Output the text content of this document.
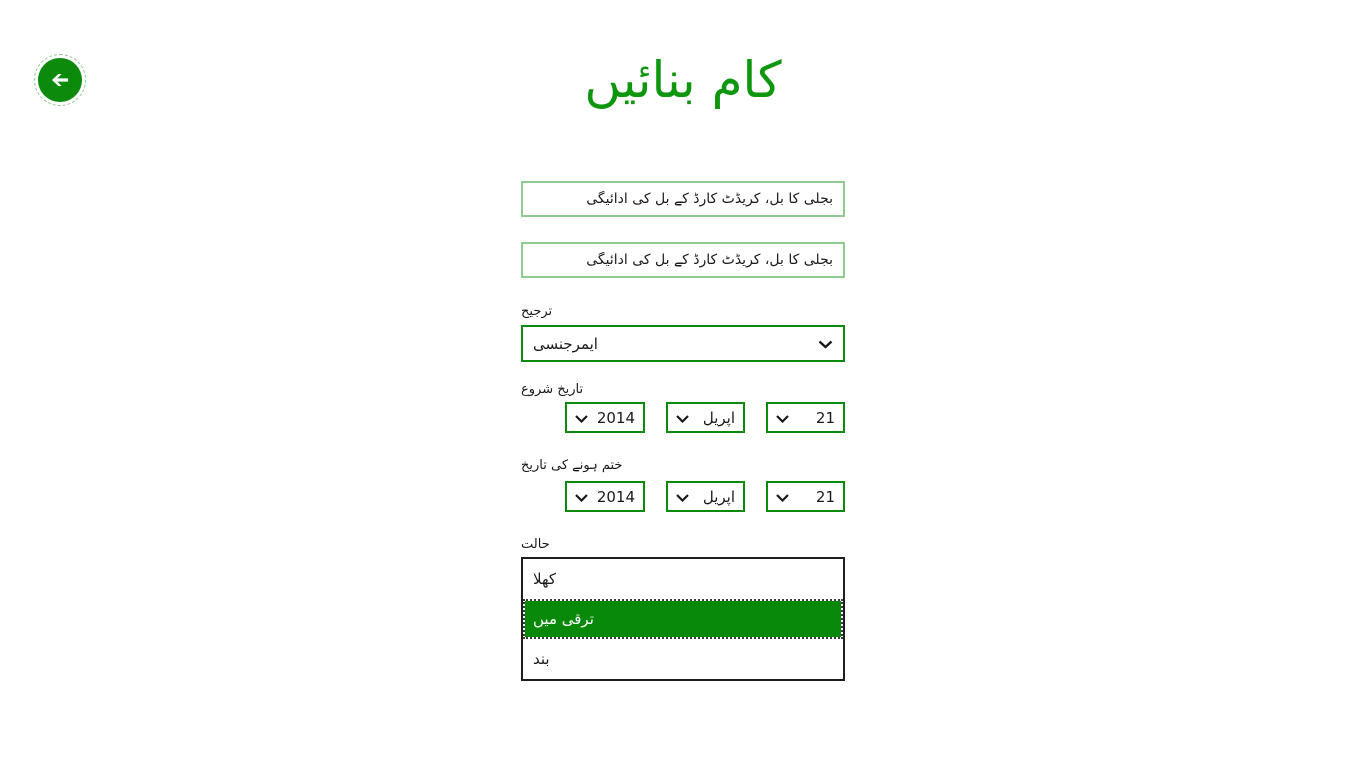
کام بنائیں
بجلی کا بل، کریڈٹ کارڈ کے بل کی ادائیگی
بجلی کا بل، کریڈٹ کارڈ کے بل کی ادائیگی
ترجیح
ایمرجنسی
تاریخ شروع
2014	اپریل	21
ختم ہونے کی تاریخ
2014	اپریل	21
حالت
کھلا
ترقی میں
بند
